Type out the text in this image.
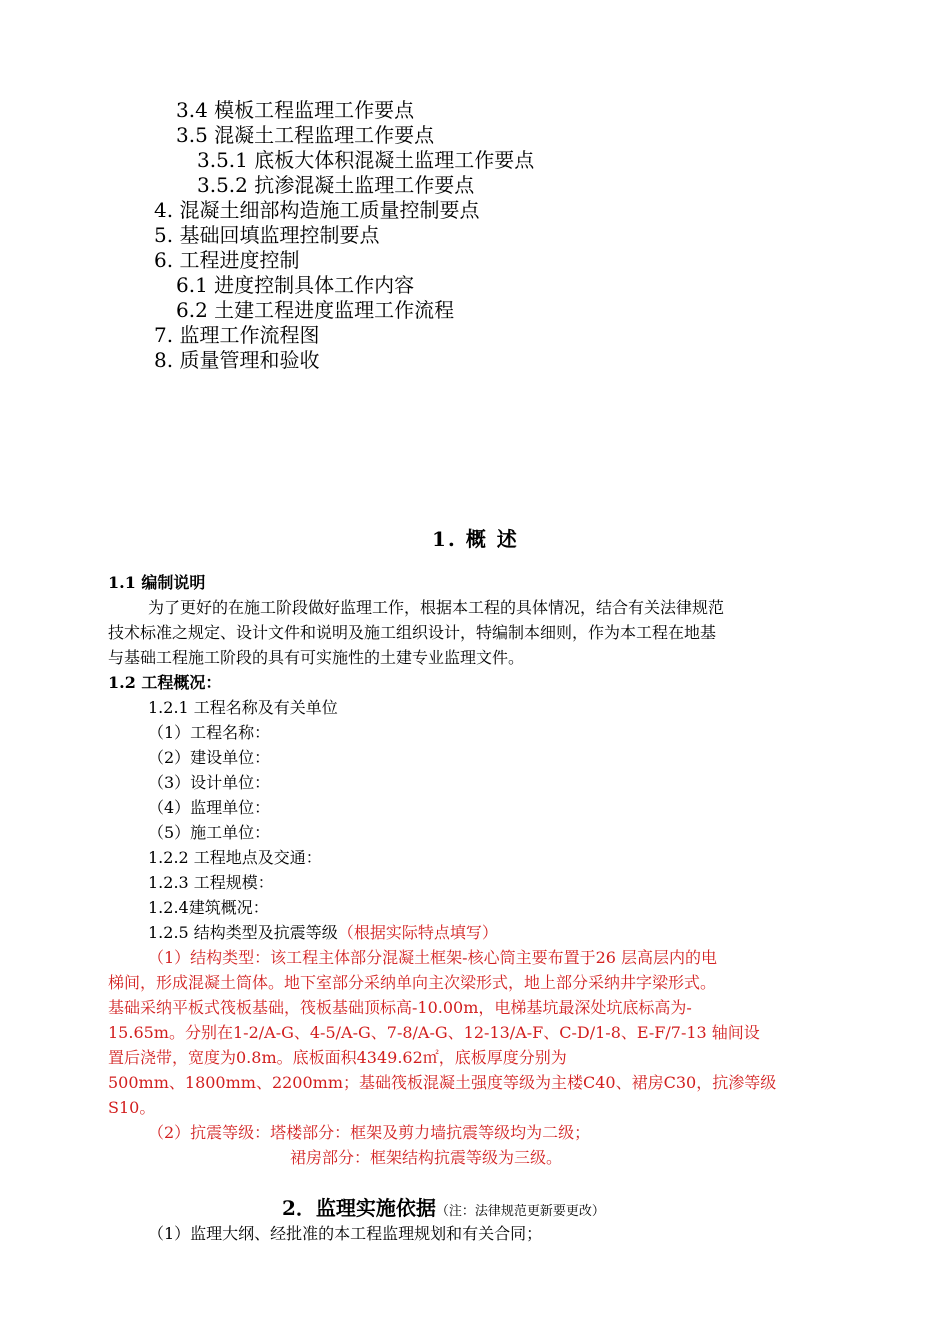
3.4 模板工程监理工作要点
3.5 混凝土工程监理工作要点
3.5.1 底板大体积混凝土监理工作要点
3.5.2 抗渗混凝土监理工作要点
4. 混凝土细部构造施工质量控制要点
5. 基础回填监理控制要点
6. 工程进度控制
6.1 进度控制具体工作内容
6.2 土建工程进度监理工作流程
7. 监理工作流程图
8. 质量管理和验收
1. 概 述
1.1 编制说明
为了更好的在施工阶段做好监理工作，根据本工程的具体情况，结合有关法律规范
技术标准之规定、设计文件和说明及施工组织设计，特编制本细则，作为本工程在地基
与基础工程施工阶段的具有可实施性的土建专业监理文件。
1.2 工程概况：
1.2.1 工程名称及有关单位
（1）工程名称：
（2）建设单位：
（3）设计单位：
（4）监理单位：
（5）施工单位：
1.2.2 工程地点及交通：
1.2.3 工程规模：
1.2.4建筑概况：
1.2.5 结构类型及抗震等级（根据实际特点填写）
（1）结构类型：该工程主体部分混凝土框架-核心筒主要布置于26 层高层内的电
梯间，形成混凝土筒体。地下室部分采纳单向主次梁形式，地上部分采纳井字梁形式。
基础采纳平板式筏板基础，筏板基础顶标高-10.00m，电梯基坑最深处坑底标高为-
15.65m。分别在1-2/A-G、4-5/A-G、7-8/A-G、12-13/A-F、C-D/1-8、E-F/7-13 轴间设
置后浇带，宽度为0.8m。底板面积4349.62㎡，底板厚度分别为
500mm、1800mm、2200mm；基础筏板混凝土强度等级为主楼C40、裙房C30，抗渗等级
S10。
（2）抗震等级：塔楼部分：框架及剪力墙抗震等级均为二级；
裙房部分：框架结构抗震等级为三级。
2．监理实施依据（注：法律规范更新要更改）
（1）监理大纲、经批准的本工程监理规划和有关合同；
